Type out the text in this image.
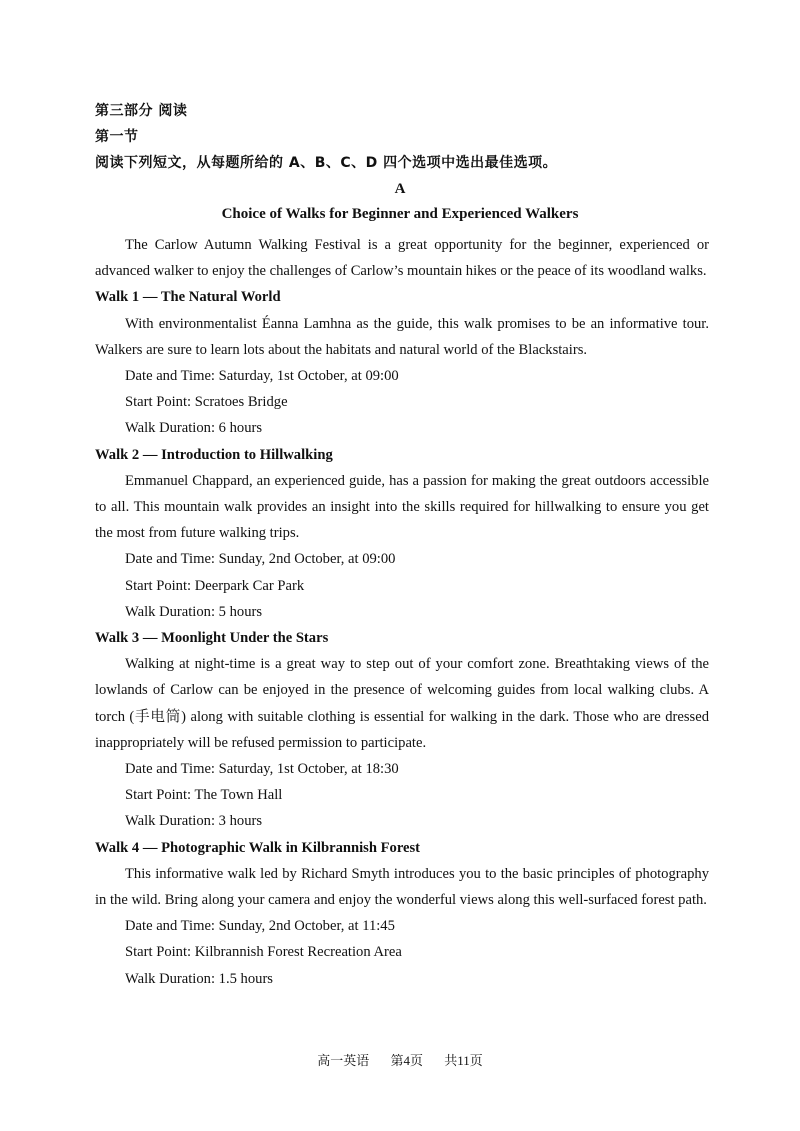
第三部分 阅读
第一节
阅读下列短文，从每题所给的 A、B、C、D 四个选项中选出最佳选项。
A
Choice of Walks for Beginner and Experienced Walkers

The Carlow Autumn Walking Festival is a great opportunity for the beginner, experienced or advanced walker to enjoy the challenges of Carlow’s mountain hikes or the peace of its woodland walks.

Walk 1 — The Natural World

With environmentalist Éanna Lamhna as the guide, this walk promises to be an informative tour. Walkers are sure to learn lots about the habitats and natural world of the Blackstairs.

Date and Time: Saturday, 1st October, at 09:00

Start Point: Scratoes Bridge

Walk Duration: 6 hours

Walk 2 — Introduction to Hillwalking

Emmanuel Chappard, an experienced guide, has a passion for making the great outdoors accessible to all. This mountain walk provides an insight into the skills required for hillwalking to ensure you get the most from future walking trips.

Date and Time: Sunday, 2nd October, at 09:00

Start Point: Deerpark Car Park

Walk Duration: 5 hours

Walk 3 — Moonlight Under the Stars

Walking at night-time is a great way to step out of your comfort zone. Breathtaking views of the lowlands of Carlow can be enjoyed in the presence of welcoming guides from local walking clubs. A torch (手电筒) along with suitable clothing is essential for walking in the dark. Those who are dressed inappropriately will be refused permission to participate.

Date and Time: Saturday, 1st October, at 18:30

Start Point: The Town Hall

Walk Duration: 3 hours

Walk 4 — Photographic Walk in Kilbrannish Forest

This informative walk led by Richard Smyth introduces you to the basic principles of photography in the wild. Bring along your camera and enjoy the wonderful views along this well-surfaced forest path.

Date and Time: Sunday, 2nd October, at 11:45

Start Point: Kilbrannish Forest Recreation Area

Walk Duration: 1.5 hours

高一英语 第4页 共11页
